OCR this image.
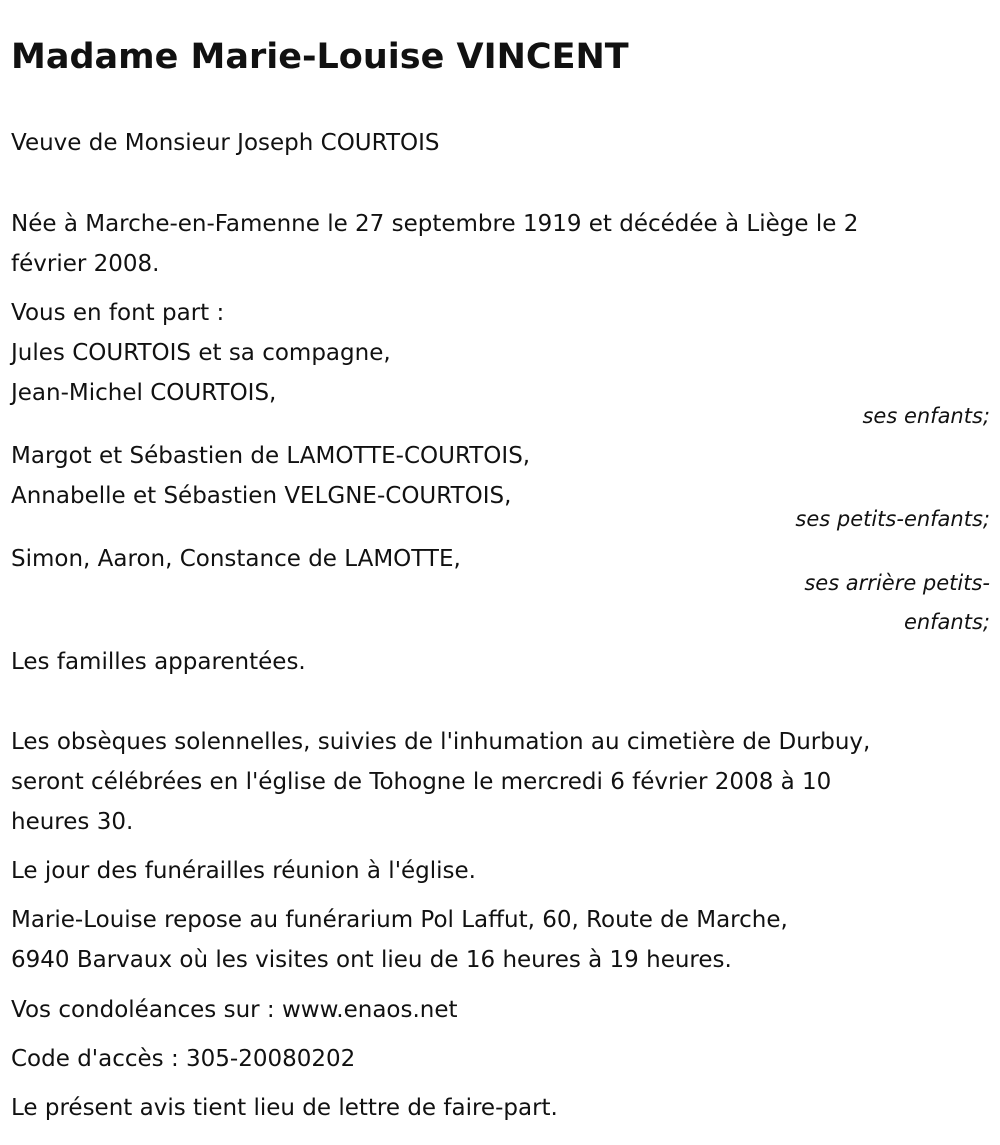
Madame Marie-Louise VINCENT
Veuve de Monsieur Joseph COURTOIS
Née à Marche-en-Famenne le 27 septembre 1919 et décédée à Liège le 2
février 2008.
Vous en font part :
Jules COURTOIS et sa compagne,
Jean-Michel COURTOIS,
ses enfants;
Margot et Sébastien de LAMOTTE-COURTOIS,
Annabelle et Sébastien VELGNE-COURTOIS,
ses petits-enfants;
Simon, Aaron, Constance de LAMOTTE,
ses arrière petits-
enfants;
Les familles apparentées.
Les obsèques solennelles, suivies de l'inhumation au cimetière de Durbuy,
seront célébrées en l'église de Tohogne le mercredi 6 février 2008 à 10
heures 30.
Le jour des funérailles réunion à l'église.
Marie-Louise repose au funérarium Pol Laffut, 60, Route de Marche,
6940 Barvaux où les visites ont lieu de 16 heures à 19 heures.
Vos condoléances sur : www.enaos.net
Code d'accès : 305-20080202
Le présent avis tient lieu de lettre de faire-part.
